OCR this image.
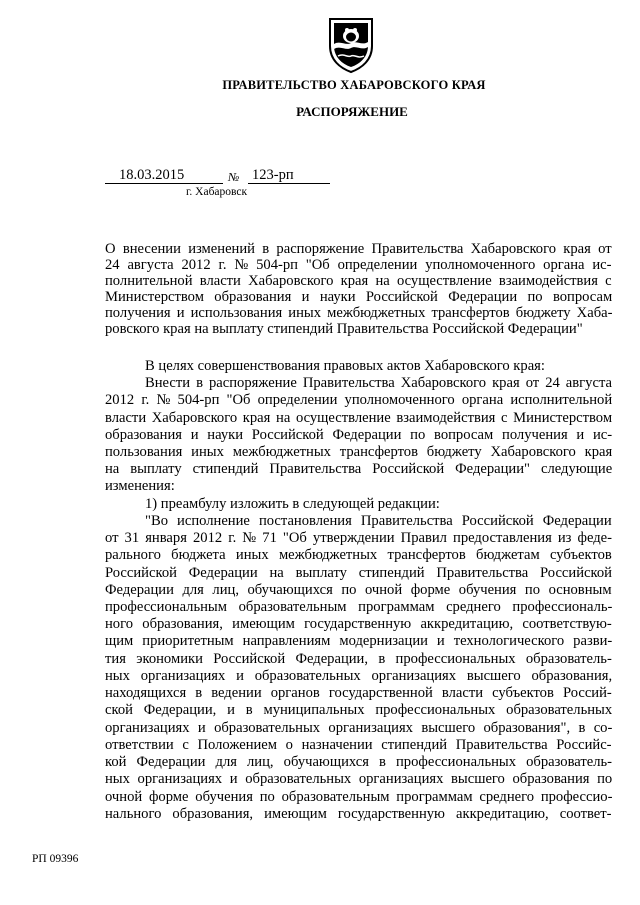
ПРАВИТЕЛЬСТВО ХАБАРОВСКОГО КРАЯ
РАСПОРЯЖЕНИЕ
18.03.2015	№ 123-рп
г. Хабаровск
О внесении изменений в распоряжение Правительства Хабаровского края от
24 августа 2012 г. № 504-рп "Об определении уполномоченного органа ис-
полнительной власти Хабаровского края на осуществление взаимодействия с
Министерством образования и науки Российской Федерации по вопросам
получения и использования иных межбюджетных трансфертов бюджету Хаба-
ровского края на выплату стипендий Правительства Российской Федерации"
В целях совершенствования правовых актов Хабаровского края:
Внести в распоряжение Правительства Хабаровского края от 24 августа
2012 г. № 504-рп "Об определении уполномоченного органа исполнительной
власти Хабаровского края на осуществление взаимодействия с Министерством
образования и науки Российской Федерации по вопросам получения и ис-
пользования иных межбюджетных трансфертов бюджету Хабаровского края
на выплату стипендий Правительства Российской Федерации" следующие
изменения:
1) преамбулу изложить в следующей редакции:
"Во исполнение постановления Правительства Российской Федерации
от 31 января 2012 г. № 71 "Об утверждении Правил предоставления из феде-
рального бюджета иных межбюджетных трансфертов бюджетам субъектов
Российской Федерации на выплату стипендий Правительства Российской
Федерации для лиц, обучающихся по очной форме обучения по основным
профессиональным образовательным программам среднего профессиональ-
ного образования, имеющим государственную аккредитацию, соответствую-
щим приоритетным направлениям модернизации и технологического разви-
тия экономики Российской Федерации, в профессиональных образователь-
ных организациях и образовательных организациях высшего образования,
находящихся в ведении органов государственной власти субъектов Россий-
ской Федерации, и в муниципальных профессиональных образовательных
организациях и образовательных организациях высшего образования", в со-
ответствии с Положением о назначении стипендий Правительства Российс-
кой Федерации для лиц, обучающихся в профессиональных образователь-
ных организациях и образовательных организациях высшего образования по
очной форме обучения по образовательным программам среднего профессио-
нального образования, имеющим государственную аккредитацию, соответ-
РП 09396
